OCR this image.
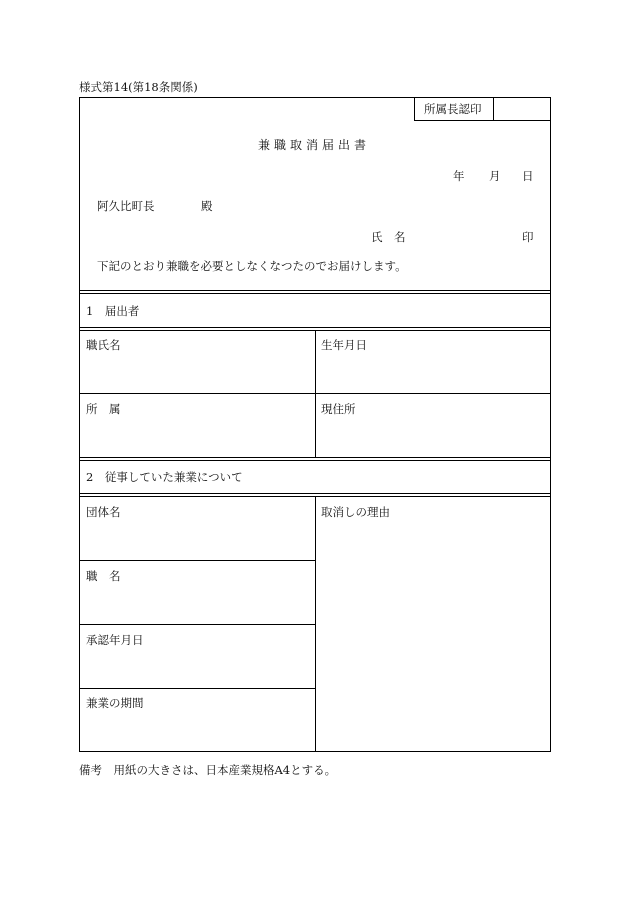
様式第14(第18条関係)
所属長認印
兼職取消届出書
年 月 日
阿久比町長	殿
氏　名	印
下記のとおり兼職を必要としなくなつたのでお届けします。
1　届出者
職氏名	生年月日
所　属	現住所
2　従事していた兼業について
団体名	取消しの理由
職　名
承認年月日
兼業の期間
備考　用紙の大きさは、日本産業規格A4とする。
